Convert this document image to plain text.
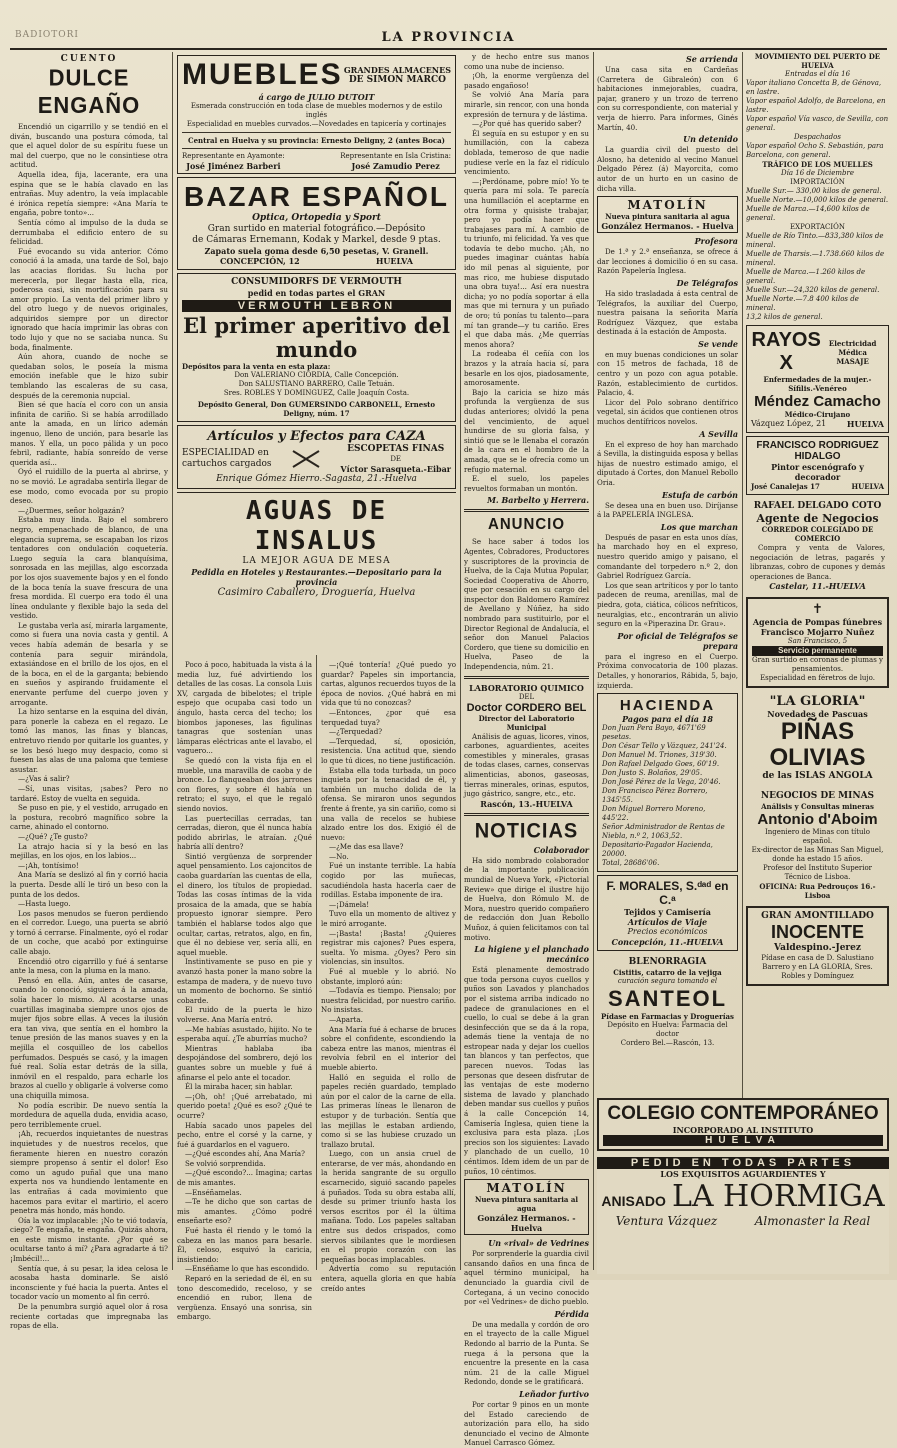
BADIOTORI	LA PROVINCIA
CUENTO
DULCE ENGAÑO

Encendió un cigarrillo y se tendió en el diván, buscando una postura cómoda, tal que el aquel dolor de su espíritu fuese un mal del cuerpo, que no le consintiese otra actitud.

Aquella idea, fija, lacerante, era una espina que se le había clavado en las entrañas. Muy adentro, la veía implacable é irónica repetía siempre: «Ana María te engaña, pobre tonto»...

Sentía cómo al impulso de la duda se derrumbaba el edificio entero de su felicidad.

Fué evocando su vida anterior. Cómo conoció á la amada, una tarde de Sol, bajo las acacias floridas. Su lucha por merecerla, por llegar hasta ella, rica, poderosa casi, sin mortificación para su amor propio. La venta del primer libro y del otro luego y de nuevos originales, adquiridos siempre por un director ignorado que hacía imprimir las obras con todo lujo y que no se saciaba nunca. Su boda, finalmente.

Aún ahora, cuando de noche se quedaban solos, le poseía la misma emoción inefable que le hizo subir temblando las escaleras de su casa, después de la ceremonia nupcial.

Bien sé que hacía el coro con un ansia infinita de cariño. Si se había arrodillado ante la amada, en un lírico ademán ingenuo, lleno de unción, para besarle las manos. Y ella, un poco pálida y un poco febril, radiante, había sonreído de verse querida así...

Oyó el ruidillo de la puerta al abrirse, y no se movió. Le agradaba sentirla llegar de ese modo, como evocada por su propio deseo.

—¿Duermes, señor holgazán?

Estaba muy linda. Bajo el sombrero negro, empenachado de blanco, de una elegancia suprema, se escapaban los rizos tentadores con ondulación coquetería. Luego seguía la cara blanquísima, sonrosada en las mejillas, algo escorzada por los ojos suavemente bajos y en el fondo de la boca tenía la suave frescura de una fresa mordida. El cuerpo era todo él una línea ondulante y flexible bajo la seda del vestido.

Le gustaba verla así, mirarla largamente, como si fuera una novia casta y gentil. A veces había ademán de besarla y se contenía para seguir mirándola, extasiándose en el brillo de los ojos, en el de la boca, en el de la garganta; bebiendo en sueños y aspirando fruidamente el enervante perfume del cuerpo joven y arrogante.

La hizo sentarse en la esquina del diván, para ponerle la cabeza en el regazo. Le tomó las manos, las finas y blancas, entretuvo riendo por quitarle los guantes, y se los besó luego muy despacio, como si fuesen las alas de una paloma que temiese asustar.

—¿Vas á salir?

—Sí, unas visitas, ¡sabes? Pero no tardaré. Estoy de vuelta en seguida.

Se puso en pie, y el vestido, arrugado en la postura, recobró magnífico sobre la carne, ahinado el contorno.

—¿Qué? ¿Te gusto?

La atrajo hacia sí y la besó en las mejillas, en los ojos, en los labios...

—¡Ah, tontísimo!

Ana María se deslizó al fin y corrió hacia la puerta. Desde allí le tiró un beso con la punta de los dedos.

—Hasta luego.

Los pasos menudos se fueron perdiendo en el corredor. Luego, una puerta se abrió y tornó á cerrarse. Finalmente, oyó el rodar de un coche, que acabó por extinguirse calle abajo.

Encendió otro cigarrillo y fué á sentarse ante la mesa, con la pluma en la mano.

Pensó en ella. Aún, antes de casarse, cuando lo conoció, siguiera á la amada, solía hacer lo mismo. Al acostarse unas cuartillas imaginaba siempre unos ojos de mujer fijos sobre ellas. A veces la ilusión era tan viva, que sentía en el hombro la tenue presión de las manos suaves y en la mejilla el cosquilleo de los cabellos perfumados. Después se casó, y la imagen fué real. Solía estar detrás de la silla, inmóvil en el respaldo, para echarle los brazos al cuello y obligarle á volverse como una chiquilla mimosa.

No podía escribir. De nuevo sentía la mordedura de aquella duda, envidia acaso, pero terriblemente cruel.

¡Ah, recuerdos inquietantes de nuestras inquietudes y de nuestros recelos, que fieramente hieren en nuestro corazón siempre propenso á sentir el dolor! Eso como un agudo puñal que una mano experta nos va hundiendo lentamente en las entrañas á cada movimiento que hacemos para evitar el martirio, el acero penetra más hondo, más hondo.

Oía la voz implacable: ¡No te vió todavía, ciego? Te engaña, te engaña. Quizás ahora, en este mismo instante. ¿Por qué se ocultarse tanto á mí? ¿Para agradarte á ti? ¡Imbécil!...

Sentía que, á su pesar, la idea celosa le acosaba hasta dominarle. Se aisló inconsciente y fué hacia la puerta. Antes el tocador vacío un momento al fin cerró.

De la penumbra surgió aquel olor á rosa reciente cortadas que impregnaba las ropas de ella.

MUEBLES GRANDES ALMACENES
DE SIMON MARCO
á cargo de JULIO DUTOIT
Esmerada construcción en toda clase de muebles modernos y de estilo inglés
Especialidad en muebles curvados.—Novedades en tapicería y cortinajes
Central en Huelva y su provincia: Ernesto Deligny, 2 (antes Boca)
Representante en Ayamonte:
José Jiménez Barberi
Representante en Isla Cristina:
José Zamudio Perez
BAZAR ESPAÑOL
Optica, Ortopedia y Sport
Gran surtido en material fotográfico.—Depósito
de Cámaras Ernemann, Kodak y Markel, desde 9 ptas.
Zapato suela goma desde 6,50 pesetas, V. Granell.
CONCEPCIÓN, 12	HUELVA
CONSUMIDORFS DE VERMOUTH
pedid en todas partes el GRAN
VERMOUTH LEBRÓN
El primer aperitivo del mundo
Depósitos para la venta en esta plaza:
Don VALERIANO CIORDIA, Calle Concepción.
Don SALUSTIANO BARRERO, Calle Tetuán.
Sres. ROBLES Y DOMINGUEZ, Calle Joaquín Costa.
Depósito General, Don GUMERSINDO CARBONELL, Ernesto Deligny, núm. 17
Artículos y Efectos para CAZA
ESPECIALIDAD en
cartuchos cargados
ESCOPETAS FINAS
DE
Víctor Sarasqueta.-Eibar
Enrique Gómez Hierro.-Sagasta, 21.-Huelva
AGUAS DE INSALUS
LA MEJOR AGUA DE MESA
Pedidla en Hoteles y Restaurantes.—Depositario para la provincia
Casimiro Caballero, Droguería, Huelva

Poco á poco, habituada la vista á la media luz, fué advirtiendo los detalles de las cosas. La consola Luis XV, cargada de bibelotes; el triple espejo que ocupaba casi todo un ángulo, hasta cerca del techo; los biombos japoneses, las figulinas tanagras que sostenían unas lámparas eléctricas ante el lavabo, el vaguero...

Se quedó con la vista fija en el mueble, una maravilla de caoba y de bronce. Lo flanqueaban dos jarrones con flores, y sobre él había un retrato; el suyo, el que le regaló siendo novios.

Las puertecillas cerradas, tan cerradas, dieron, que él nunca había podido abrirlas, le atraían. ¿Qué habría allí dentro?

Sintió vergüenza de sorprender aquel pensamiento. Los cajoncitos de caoba guardarían las cuentas de ella, el dinero, los títulos de propiedad. Todas las cosas íntimas de la vida prosaica de la amada, que se había propuesto ignorar siempre. Pero también el hablarse todos algo que ocultar, cartas, retratos, algo, en fin, que él no debiese ver, sería allí, en aquel mueble.

Instintivamente se puso en pie y avanzó hasta poner la mano sobre la estampa de madera, y de nuevo tuvo un momento de bochorno. Se sintió cobarde.

El ruido de la puerta le hizo volverse. Ana María entró.

—Me habías asustado, hijito. No te esperaba aquí. ¿Te aburrías mucho?

Mientras hablaba iba despojándose del sombrero, dejó los guantes sobre un mueble y fué á afinarse el pelo ante el tocador.

Él la miraba hacer, sin hablar.

—¡Oh, oh! ¡Qué arrebatado, mi querido poeta! ¿Qué es eso? ¿Qué te ocurre?

Había sacado unos papeles del pecho, entre el corsé y la carne, y fué á guardarlos en el vaguero.

—¿Qué escondes ahí, Ana María?

Se volvió sorprendida.

—¿Qué escondo?... Imagina; cartas de mis amantes.

—Enséñamelas.

—Te he dicho que son cartas de mis amantes. ¿Cómo podré enseñarte eso?

Fué hasta él riendo y le tomó la cabeza en las manos para besarle. Él, celoso, esquivó la caricia, insistiendo:

—Enséñame lo que has escondido.

Reparó en la seriedad de él, en su tono descomedido, receloso, y se encendió en rubor, llena de vergüenza. Ensayó una sonrisa, sin embargo.

—¡Qué tontería! ¿Qué puedo yo guardar? Papeles sin importancia, cartas, algunos recuerdos tuyos de la época de novios. ¿Qué habrá en mi vida que tú no conozcas?

—Entonces, ¿por qué esa terquedad tuya?

—¿Terquedad?

—Terquedad, sí, oposición, resistencia. Una actitud que, siendo lo que tú dices, no tiene justificación.

Estaba ella toda turbada, un poco inquieta por la tenacidad de él, y también un mucho dolida de la ofensa. Se miraron unos segundos frente á frente, ya sin cariño, como si una valla de recelos se hubiese alzado entre los dos. Exigió él de nuevo:

—¿Me das esa llave?

—No.

Fué un instante terrible. La había cogido por las muñecas, sacudiéndola hasta hacerla caer de rodillas. Estaba imponente de ira.

—¡Dámela!

Tuvo ella un momento de altivez y le miró arrogante.

—¡Basta! ¡Basta! ¿Quieres registrar mis cajones? Pues espera, suelta. Yo misma. ¿Oyes? Pero sin violencias, sin insultos.

Fué al mueble y lo abrió. No obstante, imploró aún:

—Todavía es tiempo. Piensalo; por nuestra felicidad, por nuestro cariño. No insistas.

—Aparta.

Ana María fué á echarse de bruces sobre el confidente, escondiendo la cabeza entre las manos, mientras él revolvía febril en el interior del mueble abierto.

Halló en seguida el rollo de papeles recién guardado, templado aún por el calor de la carne de ella. Las primeras líneas le llenaron de estupor y de turbación. Sentía que las mejillas le estaban ardiendo, como si se las hubiese cruzado un trallazo brutal.

Luego, con un ansia cruel de enterarse, de ver más, ahondando en la herida sangrante de su orgullo escarnecido, siguió sacando papeles á puñados. Toda su obra estaba allí, desde su primer triunfo hasta los versos escritos por él la última mañana. Todo. Los papeles saltaban entre sus dedos crispados, como siervos sibilantes que le mordiesen en el propio corazón con las pequeñas bocas implacables.

Advertía como su reputación entera, aquella gloria en que había creído antes

y de hecho entre sus manos como una nube de incienso.

¡Oh, la enorme vergüenza del pasado engañoso!

Se volvió Ana María para mirarle, sin rencor, con una honda expresión de ternura y de lástima.

—¿Por qué has querido saber?

Él seguía en su estupor y en su humillación, con la cabeza doblada, temeroso de que nadie pudiese verle en la faz el ridículo vencimiento.

—¡Perdóname, pobre mío! Yo te quería para mí sola. Te parecía una humillación el aceptarme en otra forma y quisiste trabajar, pero yo podía hacer que trabajases para mí. A cambio de tu triunfo, mi felicidad. Ya ves que todavía te debo mucho. ¡Ah, no puedes imaginar cuántas había ido mil penas al siguiente, por mas rico, me hubiese disputado una obra tuya!... Así era nuestra dicha; yo no podía soportar á ella mas que mi ternura y un puñado de oro; tú ponías tu talento—para mí tan grande—y tu cariño. Eres el que daba más. ¿Me querrías menos ahora?

La rodeaba él ceñía con los brazos y la atraía hacia sí, para besarle en los ojos, piadosamente, amorosamente.

Bajo la caricia se hizo más profunda la vergüenza de sus dudas anteriores; olvidó la pena del vencimiento, de aquel hundirse de su gloria falsa, y sintió que se le llenaba el corazón de la cara en el hombro de la amada, que se le ofrecía como un refugio maternal.

E. el suelo, los papeles revueltos formaban un montón.

M. Barbelto y Herrera.
ANUNCIO

Se hace saber á todos los Agentes, Cobradores, Productores y suscriptores de la provincia de Huelva, de la Caja Mutua Popular, Sociedad Cooperativa de Ahorro, que por cesación en su cargo del inspector don Baldomero Ramírez de Avellano y Núñez, ha sido nombrado para sustituirlo, por el Director Regional de Andalucía, el señor don Manuel Palacios Cordero, que tiene su domicilio en Huelva, Paseo de la Independencia, núm. 21.

LABORATORIO QUIMICO
DEL
Doctor CORDERO BEL
Director del Laboratorio Municipal

Análisis de aguas, licores, vinos, carbones, aguardientes, aceites comestibles y minerales, grasas de todas clases, carnes, conservas alimenticias, abonos, gaseosas, tierras minerales, orinas, esputos, jugo gástrico, sangre, etc., etc.

Rascón, 13.-HUELVA
NOTICIAS
Colaborador

Ha sido nombrado colaborador de la importante publicación mundial de Nueva York, «Pictorial Review» que dirige el ilustre hijo de Huelva, don Rómulo M. de Mora, nuestro querido compañero de redacción don Juan Rebollo Muñoz, á quien felicitamos con tal motivo.

La higiene y el planchado mecánico

Está plenamente demostrado que toda persona cuyos cuellos y puños son Lavados y planchados por el sistema arriba indicado no padece de granulaciones en el cuello, lo cual se debe á la gran desinfección que se da á la ropa, además tiene la ventaja de no estropear nada y dejar los cuellos tan blancos y tan perfectos, que parecen nuevos. Todas las personas que deseen disfrutar de las ventajas de este moderno sistema de lavado y planchado deben mandar sus cuellos y puños á la calle Concepción 14, Camisería Inglesa, quien tiene la exclusiva para esta plaza. ¡Los precios son los siguientes: Lavado y planchado de un cuello, 10 céntimos. Idem idem de un par de puños, 10 céntimos.

MATOLÍN
Nueva pintura sanitaria al agua
González Hermanos. - Huelva
Un «rival» de Vedrines

Por sorprenderle la guardia civil cansando daños en una finca de aquel término municipal, ha denunciado la guardia civil de Cortegana, á un vecino conocido por «el Vedrines» de dicho pueblo.

Pérdida

De una medalla y cordón de oro en el trayecto de la calle Miguel Redondo al barrio de la Punta. Se ruega á la persona que la encuentre la presente en la casa núm. 21 de la calle Miguel Redondo, donde se le gratificará.

Leñador furtivo

Por cortar 9 pinos en un monte del Estado careciendo de autorización para ello, ha sido denunciado el vecino de Almonte Manuel Carrasco Gómez.

Se arrienda

Una casa sita en Cardeñas (Carretera de Gibraleón) con 6 habitaciones inmejorables, cuadra, pajar, granero y un trozo de terreno con su correspondiente, con material y verja de hierro. Para informes, Ginés Martín, 40.

Un detenido

La guardia civil del puesto del Alosno, ha detenido al vecino Manuel Delgado Pérez (á) Mayorcita, como autor de un hurto en un casino de dicha villa.

MATOLÍN
Nueva pintura sanitaria al agua
González Hermanos. - Huelva
Profesora

De 1.ª y 2.ª enseñanza, se ofrece á dar lecciones á domicilio ó en su casa. Razón Papelería Inglesa.

De Telégrafos

Ha sido trasladada á esta central de Telégrafos, la auxiliar del Cuerpo, nuestra paisana la señorita María Rodríguez Vázquez, que estaba destinada á la estación de Amposta.

Se vende

en muy buenas condiciones un solar con 15 metros de fachada, 18 de centro y un pozo con agua potable. Razón, establecimiento de curtidos. Palacio, 4.

Licor del Polo sobrano dentífrico vegetal, sin ácidos que contienen otros muchos dentífricos novelos.

A Sevilla

En el expreso de hoy han marchado á Sevilla, la distinguida esposa y bellas hijas de nuestro estimado amigo, el diputado á Cortes, don Manuel Rebollo Oria.

Estufa de carbón

Se desea una en buen uso. Diríjanse á la PAPELERÍA INGLESA.

Los que marchan

Después de pasar en esta unos días, ha marchado hoy en el expreso, nuestro querido amigo y paisano, el comandante del torpedero n.º 2, don Gabriel Rodríguez García.

Los que sean artríticos y por lo tanto padecen de reuma, arenillas, mal de piedra, gota, ciática, cólicos nefríticos, neuralgias, etc., encontrarán un alivio seguro en la «Piperazina Dr. Grau».

Por oficial de Telégrafos se prepara

para el ingreso en el Cuerpo. Próxima convocatoria de 100 plazas. Detalles, y honorarios, Rábida, 5, bajo, izquierda.

HACIENDA
Pagos para el día 18
Don Juan Pera Bayo, 4671'69 pesetas.
Don César Tello y Vázquez, 241'24.
Don Manuel M. Triones, 319'30.
Don Rafael Delgado Goes, 60'19.
Don Justo S. Bolaños, 29'05.
Don José Pérez de la Vega, 20'46.
Don Francisco Pérez Borrero, 1345'55.
Don Miguel Borrero Moreno, 445'22.
Señor Administrador de Rentas de Niebla, n.º 2, 1063,52.
Depositario-Pagador Hacienda, 20000.
Total, 28686'06.
F. MORALES, S.ᵈᵃᵈ en C.ᵃ
Tejidos y Camisería
Artículos de Viaje
Precios económicos
Concepción, 11.-HUELVA
BLENORRAGIA
Cistitis, catarro de la vejiga
curación segura tomando el
SANTEOL
Pídase en Farmacias y Droguerías
Depósito en Huelva: Farmacia del doctor
Cordero Bel.—Rascón, 13.
MOVIMIENTO DEL PUERTO DE HUELVA
Entradas el día 16
Vapor italiano Concetta B, de Génova, en lastre.
Vapor español Adolfo, de Barcelona, en lastre.
Vapor español Vía vasco, de Sevilla, con general.
Despachados
Vapor español Ocho S. Sebastián, para Barcelona, con general.
TRÁFICO DE LOS MUELLES
Día 16 de Diciembre
IMPORTACIÓN
Muelle Sur.— 330,00 kilos de general.
Muelle Norte.—10,000 kilos de general.
Muelle de Marca.—14,600 kilos de general.
EXPORTACIÓN
Muelle de Río Tinto.—833,380 kilos de mineral.
Muelle de Tharsis.—1.738.660 kilos de mineral.
Muelle de Marca.—1.260 kilos de general.
Muelle Sur.—24,320 kilos de general.
Muelle Norte.—7.8 400 kilos de mineral.
13,2 kilos de general.
RAYOS X
Electricidad Médica
MASAJE
Enfermedades de la mujer.-Sífilis.-Venéreo
Méndez Camacho
Médico-Cirujano
Vázquez López, 21	HUELVA
FRANCISCO RODRIGUEZ HIDALGO
Pintor escenógrafo y decorador
José Canalejas 17	HUELVA
RAFAEL DELGADO COTO
Agente de Negocios
CORREDOR COLEGIADO DE COMERCIO

Compra y venta de Valores, negociación de letras, pagarés y libranzas, cobro de cupones y demás operaciones de Banca.

Castelar, 11.-HUELVA
✝
Agencia de Pompas fúnebres
Francisco Mojarro Nuñez
San Francisco, 5
Servicio permanente
Gran surtido en coronas de plumas y pensamientos.
Especialidad en féretros de lujo.
"LA GLORIA"
Novedades de Pascuas
PIÑAS OLIVIAS
de las ISLAS ANGOLA
NEGOCIOS DE MINAS
Análisis y Consultas mineras
Antonio d'Aboim
Ingeniero de Minas con título español.
Ex-director de las Minas San Miguel, donde ha estado 15 años.
Profesor del Instituto Superior Técnico de Lisboa.
OFICINA: Rua Pedrouços 16.-Lisboa
GRAN AMONTILLADO
INOCENTE
Valdespino.-Jerez
Pídase en casa de D. Salustiano Barrero y en LA GLORIA, Sres. Robles y Domínguez
COLEGIO CONTEMPORÁNEO
INCORPORADO AL INSTITUTO
HUELVA
PEDID EN TODAS PARTES
LOS EXQUISITOS AGUARDIENTES Y
ANISADO LA HORMIGA
Ventura Vázquez	Almonaster la Real
